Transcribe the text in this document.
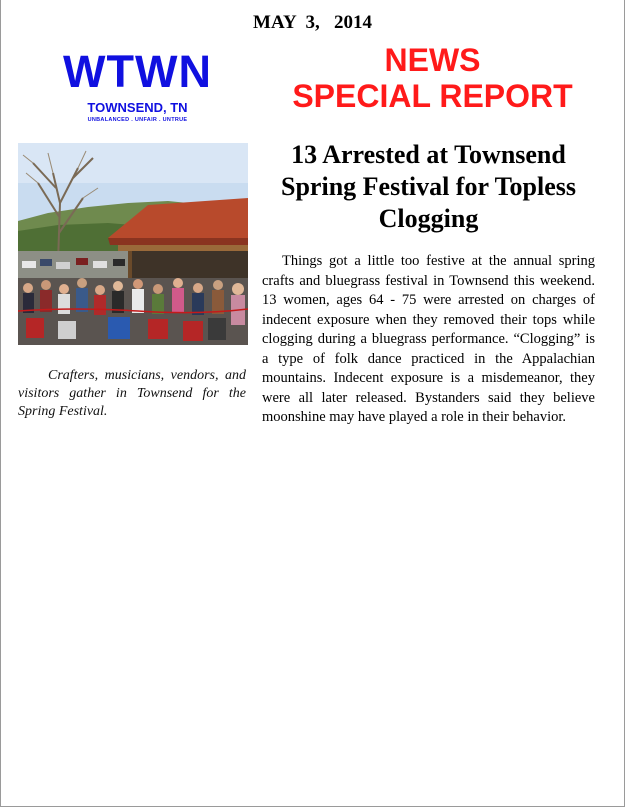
MAY  3,   2014
WTWN
TOWNSEND, TN
UNBALANCED . UNFAIR . UNTRUE
NEWS
SPECIAL REPORT
Crafters, musicians, vendors, and visitors gather in Townsend for the Spring Festival.
13 Arrested at Townsend Spring Festival for Topless Clogging
Things got a little too festive at the annual spring crafts and bluegrass festival in Townsend this weekend. 13 women, ages 64 - 75 were arrested on charges of indecent exposure when they removed their tops while clogging during a bluegrass performance. “Clogging” is a type of folk dance practiced in the Appalachian mountains. Indecent exposure is a misdemeanor, they were all later released. Bystanders said they believe moonshine may have played a role in their behavior.
